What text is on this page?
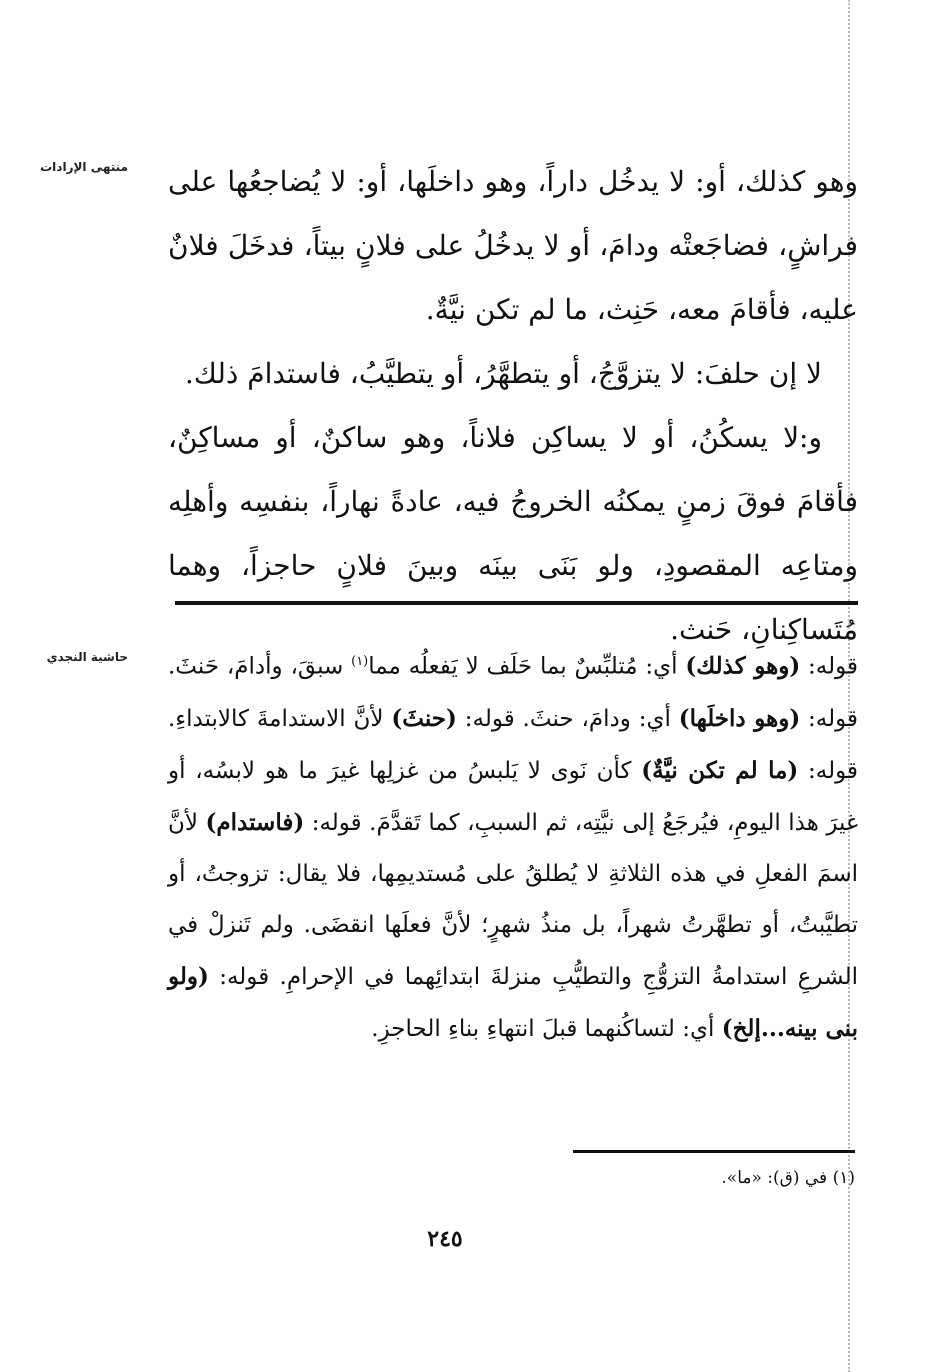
منتهى الإرادات
حاشية النجدي

وهو كذلك، أو: لا يدخُل داراً، وهو داخلَها، أو: لا يُضاجعُها على فراشٍ، فضاجَعتْه ودامَ، أو لا يدخُلُ على فلانٍ بيتاً، فدخَلَ فلانٌ عليه، فأقامَ معه، حَنِث، ما لم تكن نيَّةٌ.

لا إن حلفَ: لا يتزوَّجُ، أو يتطهَّرُ، أو يتطيَّبُ، فاستدامَ ذلك.

و:لا يسكُنُ، أو لا يساكِن فلاناً، وهو ساكنٌ، أو مساكِنٌ، فأقامَ فوقَ زمنٍ يمكنُه الخروجُ فيه، عادةً نهاراً، بنفسِه وأهلِه ومتاعِه المقصودِ، ولو بَنَى بينَه وبينَ فلانٍ حاجزاً، وهما مُتَساكِنانِ، حَنث.

قوله: (وهو كذلك) أي: مُتلبِّسٌ بما حَلَف لا يَفعلُه مما$^{(١)}$ سبقَ، وأدامَ، حَنثَ. قوله: (وهو داخلَها) أي: ودامَ، حنثَ. قوله: (حنثَ) لأنَّ الاستدامةَ كالابتداءِ. قوله: (ما لم تكن نيَّةٌ) كأن نَوى لا يَلبسُ من غزلِها غيرَ ما هو لابسُه، أو غيرَ هذا اليومِ، فيُرجَعُ إلى نيَّتِه، ثم السببِ، كما تَقدَّمَ. قوله: (فاستدام) لأنَّ اسمَ الفعلِ في هذه الثلاثةِ لا يُطلقُ على مُستديمِها، فلا يقال: تزوجتُ، أو تطيَّبتُ، أو تطهَّرتُ شهراً، بل منذُ شهرٍ؛ لأنَّ فعلَها انقضَى. ولم تَنزلْ في الشرعِ استدامةُ التزوُّجِ والتطيُّبِ منزلةَ ابتدائِهما في الإحرامِ. قوله: (ولو بنى بينه...إلخ) أي: لتساكُنهما قبلَ انتهاءِ بناءِ الحاجزِ.

(١) في (ق): «ما».
٢٤٥
